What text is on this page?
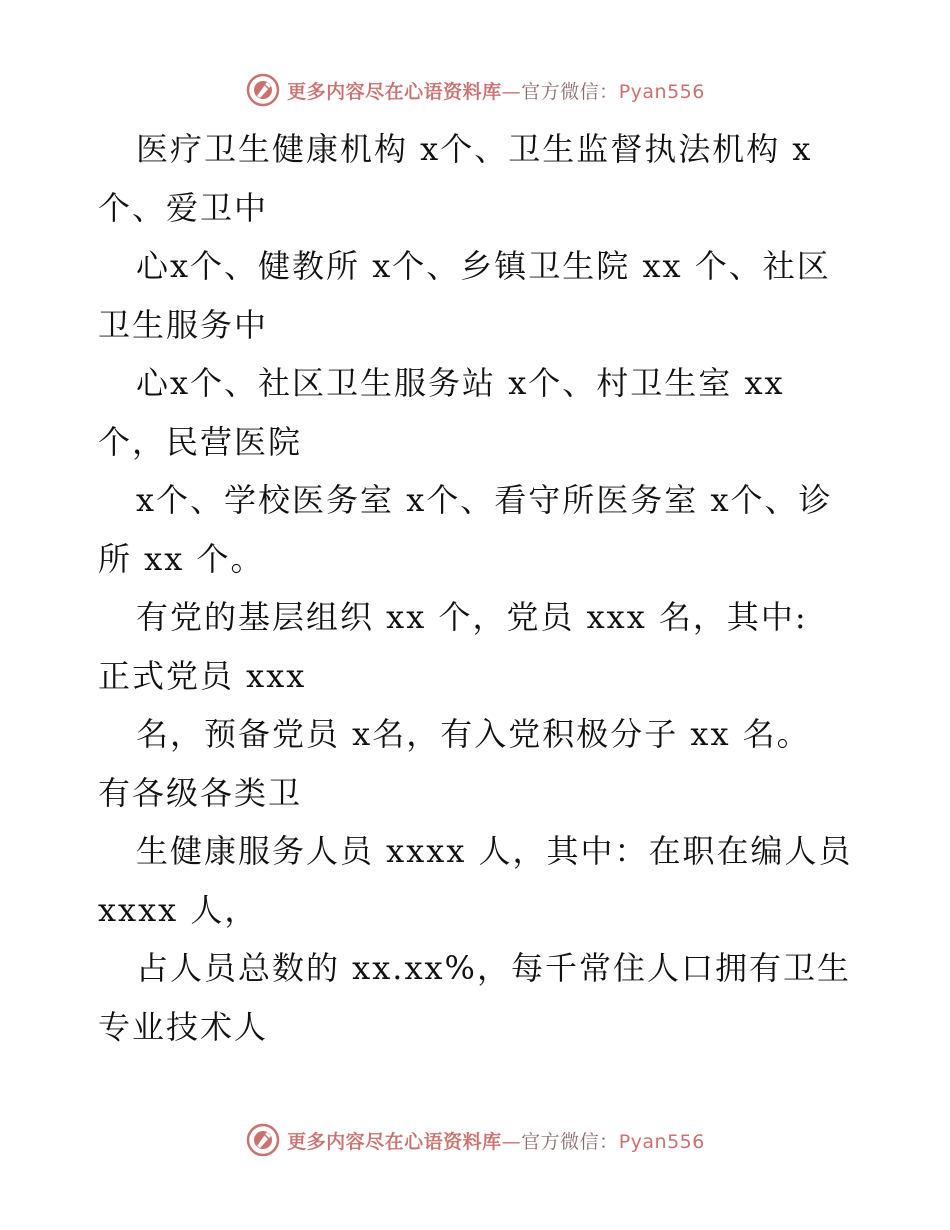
更多内容尽在心语资料库—官方微信：Pyan556
医疗卫生健康机构 x个、卫生监督执法机构 x
个、爱卫中
心x个、健教所 x个、乡镇卫生院 xx 个、社区
卫生服务中
心x个、社区卫生服务站 x个、村卫生室 xx
个，民营医院
x个、学校医务室 x个、看守所医务室 x个、诊
所 xx 个。
有党的基层组织 xx 个，党员 xxx 名，其中:
正式党员 xxx
名，预备党员 x名，有入党积极分子 xx 名。
有各级各类卫
生健康服务人员 xxxx 人，其中：在职在编人员
xxxx 人，
占人员总数的 xx.xx%，每千常住人口拥有卫生
专业技术人
更多内容尽在心语资料库—官方微信：Pyan556
